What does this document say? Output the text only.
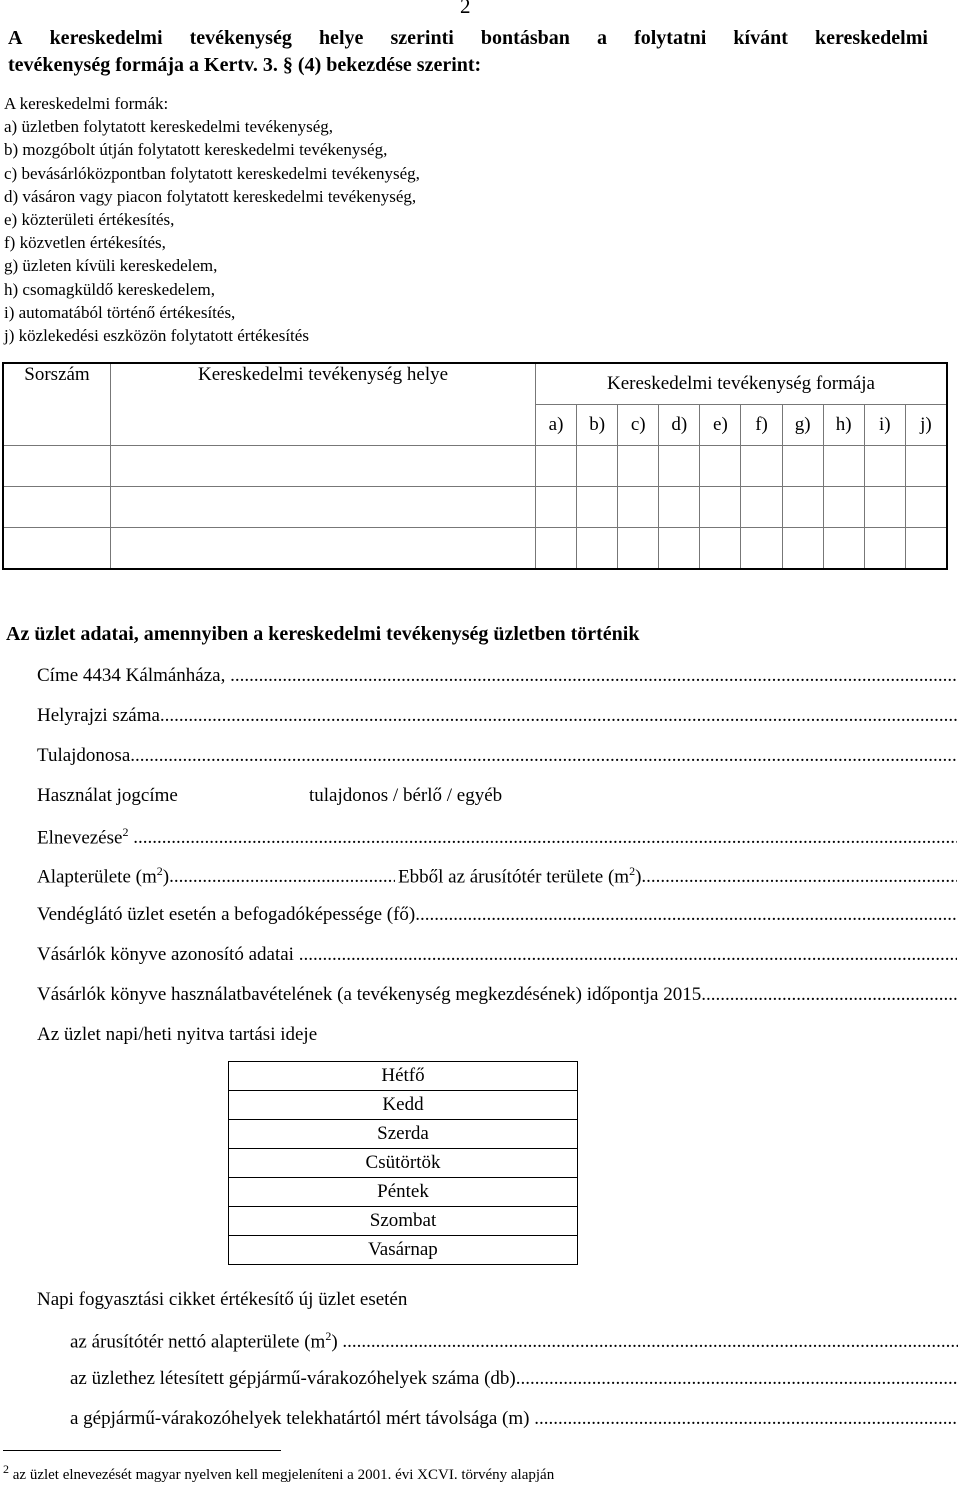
2
A kereskedelmi tevékenység helye szerinti bontásban a folytatni kívánt kereskedelmi
tevékenység formája a Kertv. 3. § (4) bekezdése szerint:
A kereskedelmi formák:
a) üzletben folytatott kereskedelmi tevékenység,
b) mozgóbolt útján folytatott kereskedelmi tevékenység,
c) bevásárlóközpontban folytatott kereskedelmi tevékenység,
d) vásáron vagy piacon folytatott kereskedelmi tevékenység,
e) közterületi értékesítés,
f) közvetlen értékesítés,
g) üzleten kívüli kereskedelem,
h) csomagküldő kereskedelem,
i) automatából történő értékesítés,
j) közlekedési eszközön folytatott értékesítés
Sorszám	Kereskedelmi tevékenység helye	Kereskedelmi tevékenység formája									
		a)	b)	c)	d)	e)	f)	g)	h)	i)	j)

Az üzlet adatai, amennyiben a kereskedelmi tevékenység üzletben történik
Címe 4434 Kálmánháza, .....
Helyrajzi száma .....
Tulajdonosa .....
Használat jogcíme	tulajdonos / bérlő / egyéb
Elnevezése$^2$ .....
Alapterülete $(m^2)$ .....	Ebből az árusítótér területe $(m^2)$ .....
Vendéglátó üzlet esetén a befogadóképessége (fő) .....
Vásárlók könyve azonosító adatai .....
Vásárlók könyve használatbavételének (a tevékenység megkezdésének) időpontja 2015. .....
Az üzlet napi/heti nyitva tartási ideje
Hétfő
Kedd
Szerda
Csütörtök
Péntek
Szombat
Vasárnap
Napi fogyasztási cikket értékesítő új üzlet esetén
az árusítótér nettó alapterülete $(m^2)$ .....
az üzlethez létesített gépjármű-várakozóhelyek száma (db) .....
a gépjármű-várakozóhelyek telekhatártól mért távolsága (m) .....
$^2$ az üzlet elnevezését magyar nyelven kell megjeleníteni a 2001. évi XCVI. törvény alapján
